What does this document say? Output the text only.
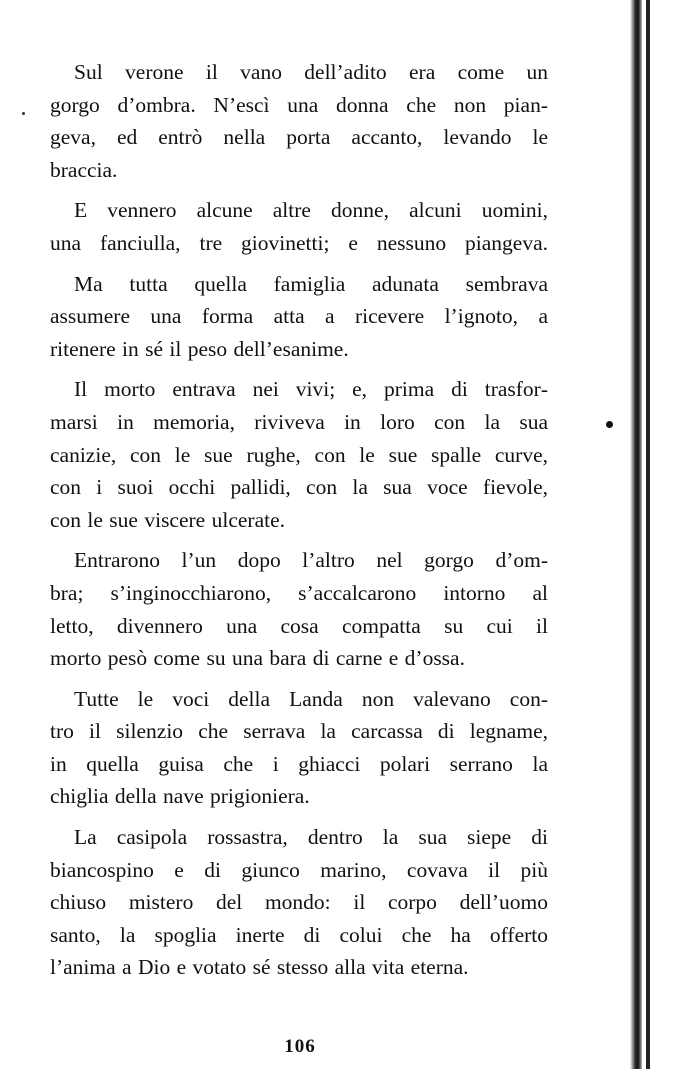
Sul verone il vano dell’adito era come un
gorgo d’ombra. N’escì una donna che non pian‑
geva, ed entrò nella porta accanto, levando le
braccia.

E vennero alcune altre donne, alcuni uomini,
una fanciulla, tre giovinetti; e nessuno piangeva.

Ma tutta quella famiglia adunata sembrava
assumere una forma atta a ricevere l’ignoto, a
ritenere in sé il peso dell’esanime.

Il morto entrava nei vivi; e, prima di trasfor‑
marsi in memoria, riviveva in loro con la sua
canizie, con le sue rughe, con le sue spalle curve,
con i suoi occhi pallidi, con la sua voce fievole,
con le sue viscere ulcerate.

Entrarono l’un dopo l’altro nel gorgo d’om‑
bra; s’inginocchiarono, s’accalcarono intorno al
letto, divennero una cosa compatta su cui il
morto pesò come su una bara di carne e d’ossa.

Tutte le voci della Landa non valevano con‑
tro il silenzio che serrava la carcassa di legname,
in quella guisa che i ghiacci polari serrano la
chiglia della nave prigioniera.

La casipola rossastra, dentro la sua siepe di
biancospino e di giunco marino, covava il più
chiuso mistero del mondo: il corpo dell’uomo
santo, la spoglia inerte di colui che ha offerto
l’anima a Dio e votato sé stesso alla vita eterna.

106
